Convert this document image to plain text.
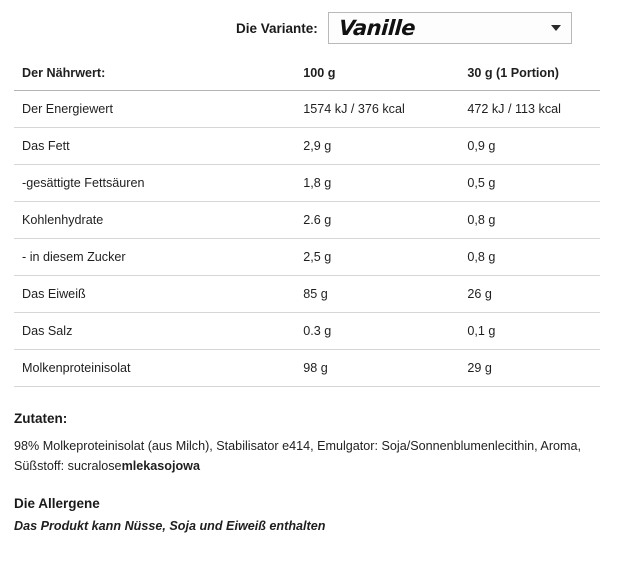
Die Variante: Vanille
Der Nährwert:	100 g	30 g (1 Portion)
Der Energiewert	1574 kJ / 376 kcal	472 kJ / 113 kcal
Das Fett	2,9 g	0,9 g
-gesättigte Fettsäuren	1,8 g	0,5 g
Kohlenhydrate	2.6 g	0,8 g
- in diesem Zucker	2,5 g	0,8 g
Das Eiweiß	85 g	26 g
Das Salz	0.3 g	0,1 g
Molkenproteinisolat	98 g	29 g
Zutaten:
98% Molkeproteinisolat (aus Milch), Stabilisator e414, Emulgator: Soja/Sonnenblumenlecithin, Aroma, Süßstoff: sucralosemlekasojowa
Die Allergene
Das Produkt kann Nüsse, Soja und Eiweiß enthalten
